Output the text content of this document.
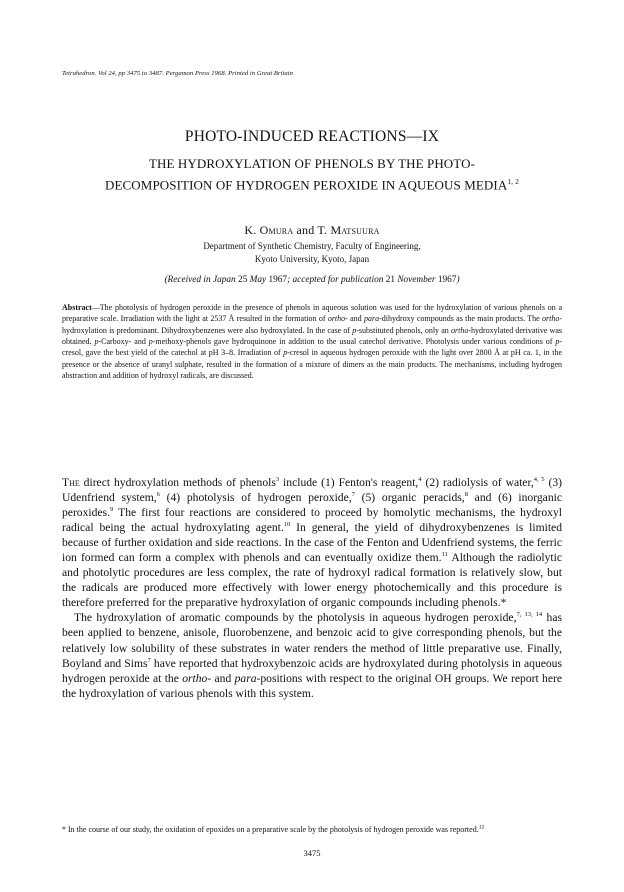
Tetrahedron. Vol 24, pp 3475 to 3487. Pergamon Press 1968. Printed in Great Britain
PHOTO-INDUCED REACTIONS—IX
THE HYDROXYLATION OF PHENOLS BY THE PHOTO-DECOMPOSITION OF HYDROGEN PEROXIDE IN AQUEOUS MEDIA$^{1, 2}$
K. Omura and T. Matsuura
Department of Synthetic Chemistry, Faculty of Engineering,
Kyoto University, Kyoto, Japan
(Received in Japan 25 May 1967; accepted for publication 21 November 1967)
Abstract—The photolysis of hydrogen peroxide in the presence of phenols in aqueous solution was used for the hydroxylation of various phenols on a preparative scale. Irradiation with the light at 2537 Å resulted in the formation of ortho- and para-dihydroxy compounds as the main products. The ortho-hydroxylation is predominant. Dihydroxybenzenes were also hydroxylated. In the case of p-substituted phenols, only an ortho-hydroxylated derivative was obtained. p-Carboxy- and p-methoxy-phenols gave hydroquinone in addition to the usual catechol derivative. Photolysis under various conditions of p-cresol, gave the best yield of the catechol at pH 3–8. Irradiation of p-cresol in aqueous hydrogen peroxide with the light over 2800 Å at pH ca. 1, in the presence or the absence of uranyl sulphate, resulted in the formation of a mixture of dimers as the main products. The mechanisms, including hydrogen abstraction and addition of hydroxyl radicals, are discussed.

The direct hydroxylation methods of phenols$^3$ include (1) Fenton's reagent,$^4$ (2) radiolysis of water,$^{4, 5}$ (3) Udenfriend system,$^6$ (4) photolysis of hydrogen peroxide,$^7$ (5) organic peracids,$^8$ and (6) inorganic peroxides.$^9$ The first four reactions are considered to proceed by homolytic mechanisms, the hydroxyl radical being the actual hydroxylating agent.$^{10}$ In general, the yield of dihydroxybenzenes is limited because of further oxidation and side reactions. In the case of the Fenton and Udenfriend systems, the ferric ion formed can form a complex with phenols and can eventually oxidize them.$^{11}$ Although the radiolytic and photolytic procedures are less complex, the rate of hydroxyl radical formation is relatively slow, but the radicals are produced more effectively with lower energy photochemically and this procedure is therefore preferred for the preparative hydroxylation of organic compounds including phenols.*

The hydroxylation of aromatic compounds by the photolysis in aqueous hydrogen peroxide,$^{7, 13, 14}$ has been applied to benzene, anisole, fluorobenzene, and benzoic acid to give corresponding phenols, but the relatively low solubility of these substrates in water renders the method of little preparative use. Finally, Boyland and Sims$^7$ have reported that hydroxybenzoic acids are hydroxylated during photolysis in aqueous hydrogen peroxide at the ortho- and para-positions with respect to the original OH groups. We report here the hydroxylation of various phenols with this system.

* In the course of our study, the oxidation of epoxides on a preparative scale by the photolysis of hydrogen peroxide was reported.$^{12}$
3475
